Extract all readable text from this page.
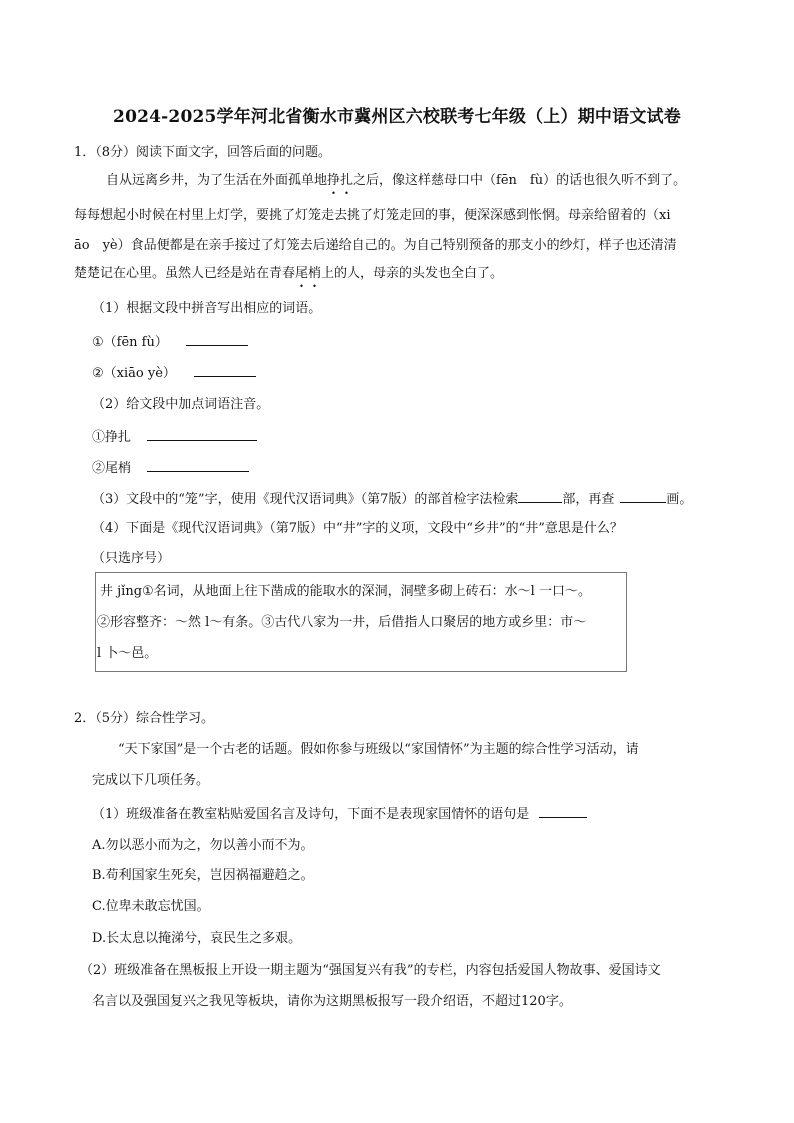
2024-2025学年河北省衡水市冀州区六校联考七年级（上）期中语文试卷
1．（8分）阅读下面文字，回答后面的问题。
自从远离乡井，为了生活在外面孤单地挣扎之后，像这样慈母口中（fēn　fù）的话也很久听不到了。
每每想起小时候在村里上灯学，要挑了灯笼走去挑了灯笼走回的事，便深深感到怅惘。母亲给留着的（xi
āo　yè）食品便都是在亲手接过了灯笼去后递给自己的。为自己特别预备的那支小的纱灯，样子也还清清
楚楚记在心里。虽然人已经是站在青春尾梢上的人，母亲的头发也全白了。
（1）根据文段中拼音写出相应的词语。
①（fēn fù）
②（xiāo yè）
（2）给文段中加点词语注音。
①挣扎
②尾梢
（3）文段中的“笼”字，使用《现代汉语词典》（第7版）的部首检字法检索	部，再查	画。
（4）下面是《现代汉语词典》（第7版）中“井”字的义项，文段中“乡井”的“井”意思是什么？
（只选序号）
井 jǐng①名词，从地面上往下凿成的能取水的深洞，洞壁多砌上砖石：水～l 一口～。
②形容整齐：～然 l～有条。③古代八家为一井，后借指人口聚居的地方或乡里：市～
l 卜～邑。
2．（5分）综合性学习。
“天下家国”是一个古老的话题。假如你参与班级以“家国情怀”为主题的综合性学习活动，请
完成以下几项任务。
（1）班级准备在教室粘贴爱国名言及诗句，下面不是表现家国情怀的语句是
A.勿以恶小而为之，勿以善小而不为。
B.苟利国家生死矣，岂因祸福避趋之。
C.位卑未敢忘忧国。
D.长太息以掩涕兮，哀民生之多艰。
（2）班级准备在黑板报上开设一期主题为“强国复兴有我”的专栏，内容包括爱国人物故事、爱国诗文
名言以及强国复兴之我见等板块，请你为这期黑板报写一段介绍语，不超过120字。
